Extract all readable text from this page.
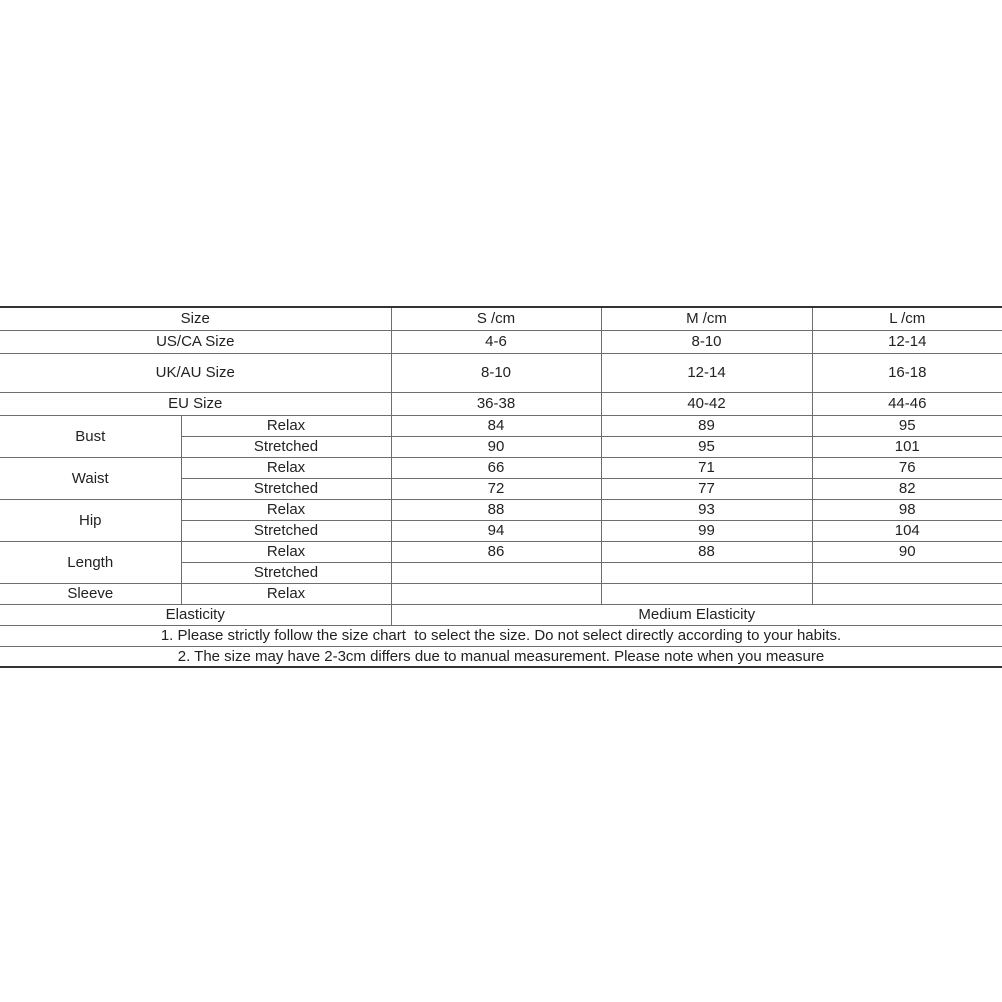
Size		S /cm	M /cm	L /cm
US/CA Size		4-6	8-10	12-14
UK/AU Size		8-10	12-14	16-18
EU Size		36-38	40-42	44-46
Bust	Relax	84	89	95
	Stretched	90	95	101
Waist	Relax	66	71	76
	Stretched	72	77	82
Hip	Relax	88	93	98
	Stretched	94	99	104
Length	Relax	86	88	90
	Stretched			
Sleeve	Relax			
Elasticity		Medium Elasticity		
1. Please strictly follow the size chart  to select the size. Do not select directly according to your habits.				
2. The size may have 2-3cm differs due to manual measurement. Please note when you measure				
